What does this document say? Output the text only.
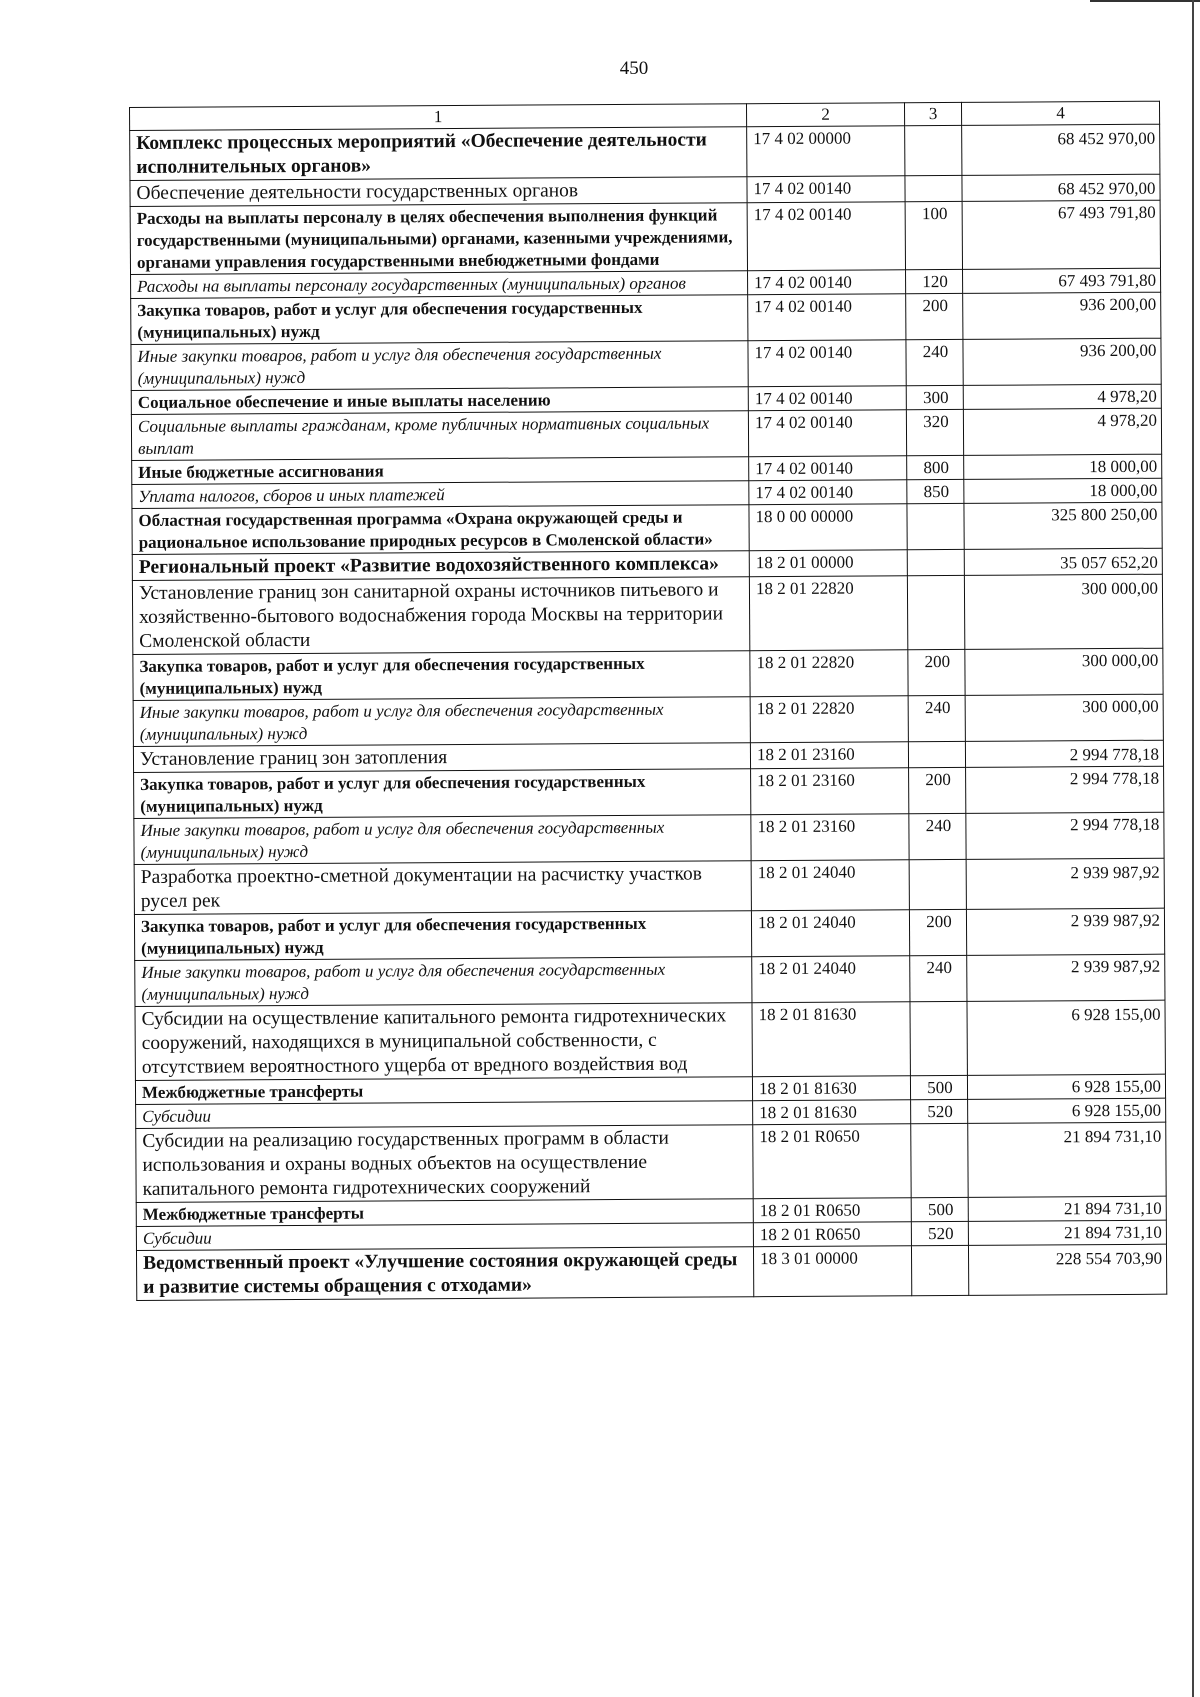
450
1	2	3	4
Комплекс процессных мероприятий «Обеспечение деятельности исполнительных органов»	17 4 02 00000		68 452 970,00
Обеспечение деятельности государственных органов	17 4 02 00140		68 452 970,00
Расходы на выплаты персоналу в целях обеспечения выполнения функций государственными (муниципальными) органами, казенными учреждениями, органами управления государственными внебюджетными фондами	17 4 02 00140	100	67 493 791,80
Расходы на выплаты персоналу государственных (муниципальных) органов	17 4 02 00140	120	67 493 791,80
Закупка товаров, работ и услуг для обеспечения государственных (муниципальных) нужд	17 4 02 00140	200	936 200,00
Иные закупки товаров, работ и услуг для обеспечения государственных (муниципальных) нужд	17 4 02 00140	240	936 200,00
Социальное обеспечение и иные выплаты населению	17 4 02 00140	300	4 978,20
Социальные выплаты гражданам, кроме публичных нормативных социальных выплат	17 4 02 00140	320	4 978,20
Иные бюджетные ассигнования	17 4 02 00140	800	18 000,00
Уплата налогов, сборов и иных платежей	17 4 02 00140	850	18 000,00
Областная государственная программа «Охрана окружающей среды и рациональное использование природных ресурсов в Смоленской области»	18 0 00 00000		325 800 250,00
Региональный проект «Развитие водохозяйственного комплекса»	18 2 01 00000		35 057 652,20
Установление границ зон санитарной охраны источников питьевого и хозяйственно-бытового водоснабжения города Москвы на территории Смоленской области	18 2 01 22820		300 000,00
Закупка товаров, работ и услуг для обеспечения государственных (муниципальных) нужд	18 2 01 22820	200	300 000,00
Иные закупки товаров, работ и услуг для обеспечения государственных (муниципальных) нужд	18 2 01 22820	240	300 000,00
Установление границ зон затопления	18 2 01 23160		2 994 778,18
Закупка товаров, работ и услуг для обеспечения государственных (муниципальных) нужд	18 2 01 23160	200	2 994 778,18
Иные закупки товаров, работ и услуг для обеспечения государственных (муниципальных) нужд	18 2 01 23160	240	2 994 778,18
Разработка проектно-сметной документации на расчистку участков русел рек	18 2 01 24040		2 939 987,92
Закупка товаров, работ и услуг для обеспечения государственных (муниципальных) нужд	18 2 01 24040	200	2 939 987,92
Иные закупки товаров, работ и услуг для обеспечения государственных (муниципальных) нужд	18 2 01 24040	240	2 939 987,92
Субсидии на осуществление капитального ремонта гидротехнических сооружений, находящихся в муниципальной собственности, с отсутствием вероятностного ущерба от вредного воздействия вод	18 2 01 81630		6 928 155,00
Межбюджетные трансферты	18 2 01 81630	500	6 928 155,00
Субсидии	18 2 01 81630	520	6 928 155,00
Субсидии на реализацию государственных программ в области использования и охраны водных объектов на осуществление капитального ремонта гидротехнических сооружений	18 2 01 R0650		21 894 731,10
Межбюджетные трансферты	18 2 01 R0650	500	21 894 731,10
Субсидии	18 2 01 R0650	520	21 894 731,10
Ведомственный проект «Улучшение состояния окружающей среды и развитие системы обращения с отходами»	18 3 01 00000		228 554 703,90
